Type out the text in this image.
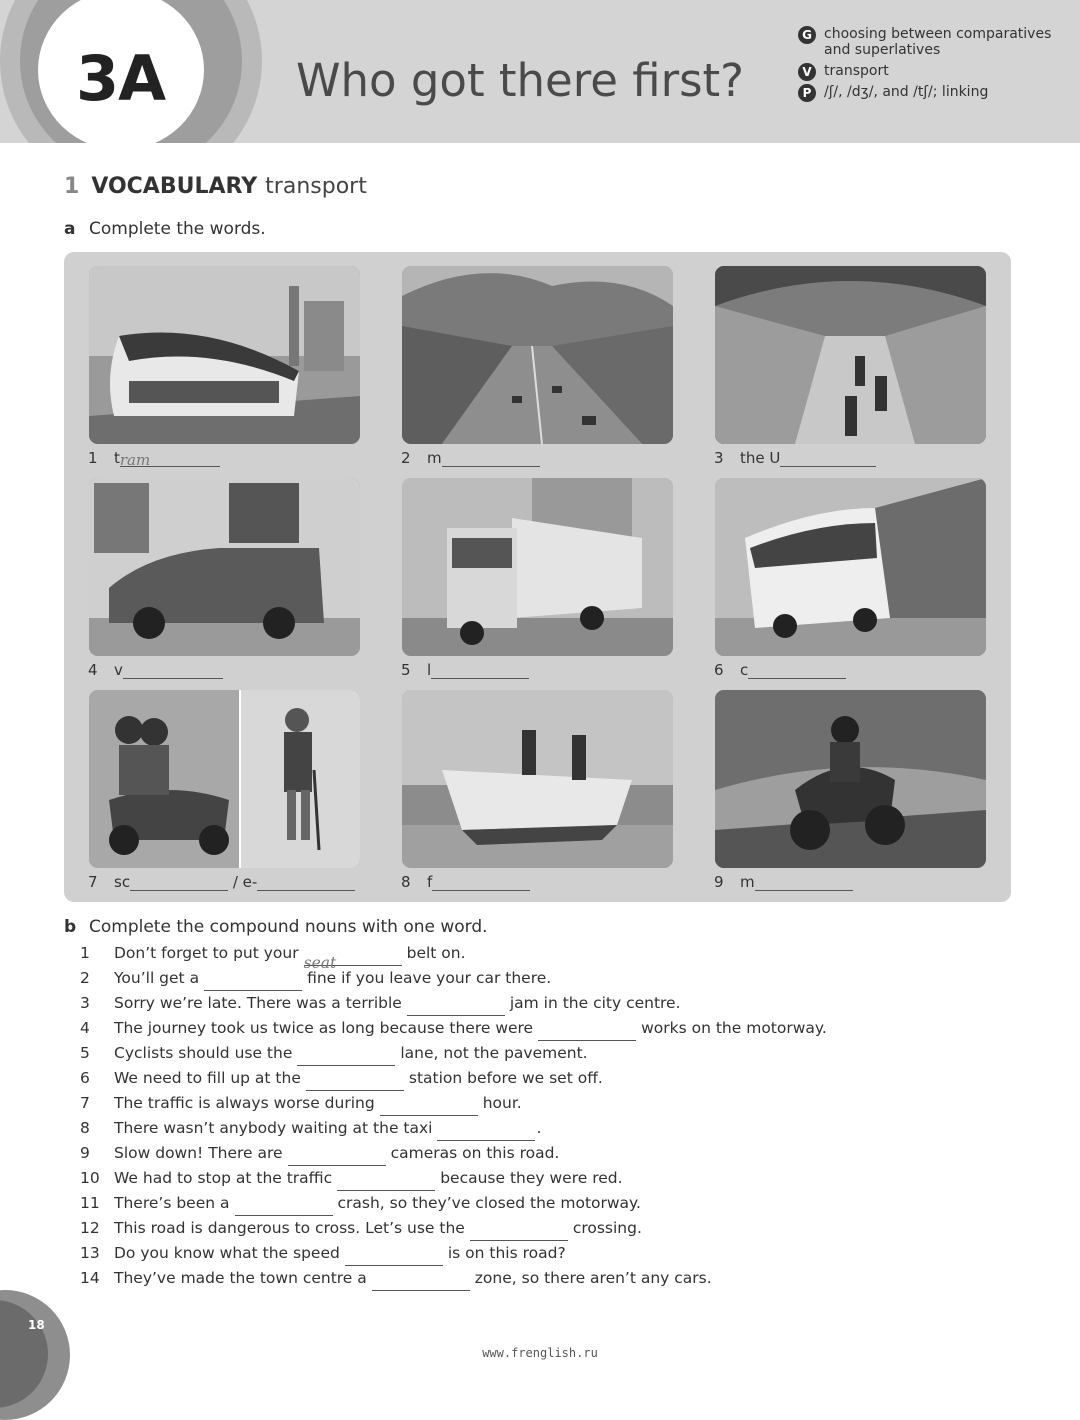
3A	Who got there first?
G choosing between comparatives and superlatives
V transport
P /ʃ/, /dʒ/, and /tʃ/; linking
1 VOCABULARY transport
a Complete the words.
1 tram	2 m	3 the U
4 v	5 l	6 c
7 sc	/ e-	8 f	9 m
b Complete the compound nouns with one word.
1 Don’t forget to put yourseatbelt on.
2 You’ll get a	fine if you leave your car there.
3 Sorry we’re late. There was a terrible	jam in the city centre.
4 The journey took us twice as long because there were	works on the motorway.
5 Cyclists should use the	lane, not the pavement.
6 We need to fill up at the	station before we set off.
7 The traffic is always worse during	hour.
8 There wasn’t anybody waiting at the taxi	.
9 Slow down! There are	cameras on this road.
10 We had to stop at the traffic	because they were red.
11 There’s been a	crash, so they’ve closed the motorway.
12 This road is dangerous to cross. Let’s use the	crossing.
13 Do you know what the speed	is on this road?
14 They’ve made the town centre a	zone, so there aren’t any cars.
18
www.frenglish.ru
